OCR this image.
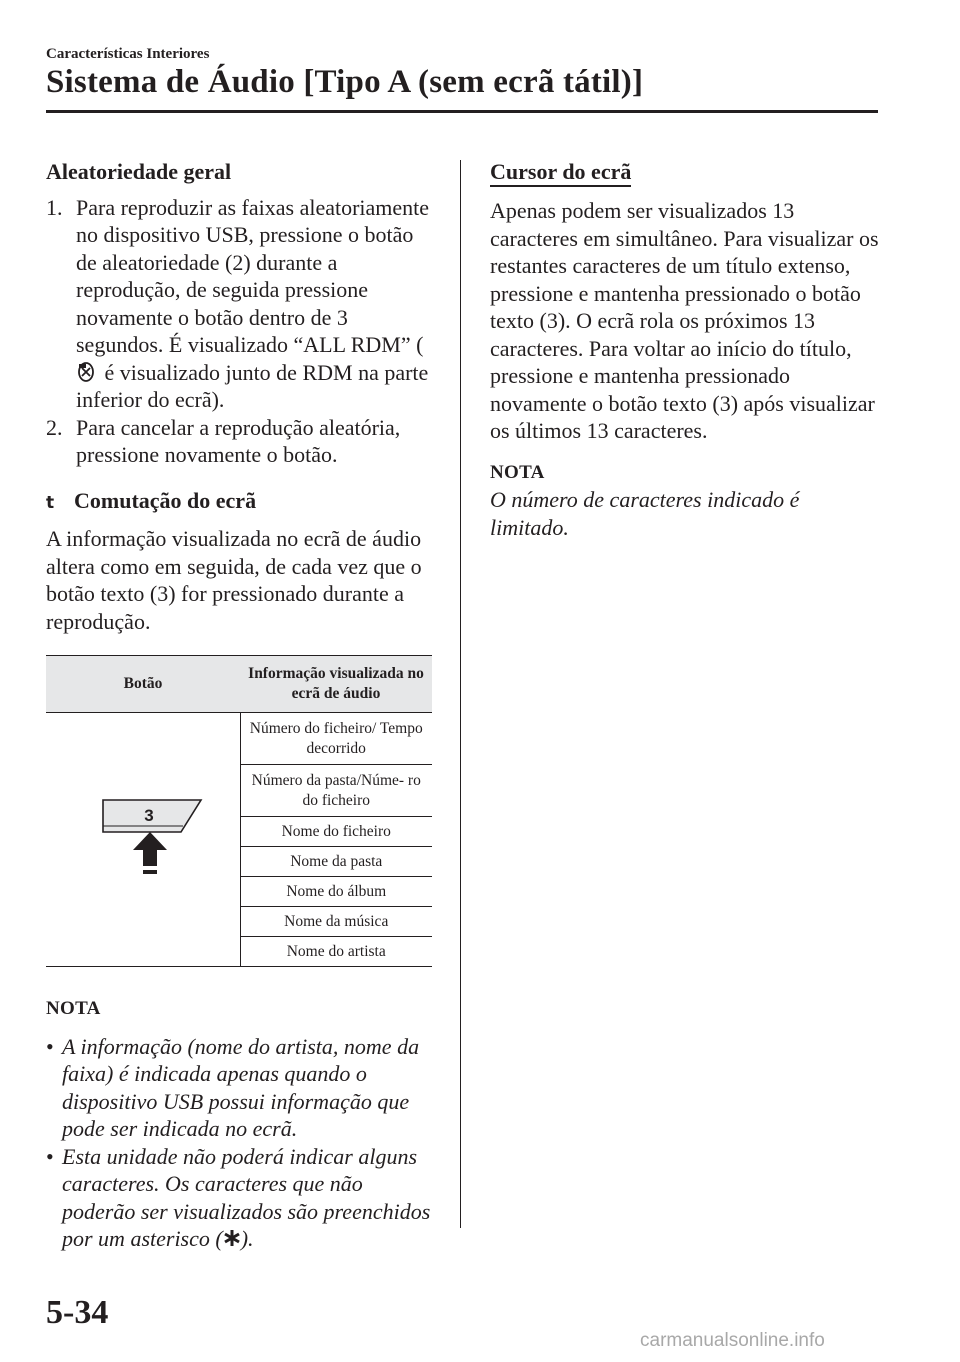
Características Interiores
Sistema de Áudio [Tipo A (sem ecrã tátil)]

Aleatoriedade geral

1. Para reproduzir as faixas aleatoriamente no dispositivo USB, pressione o botão de aleatoriedade (2) durante a reprodução, de seguida pressione novamente o botão dentro de 3 segundos. É visualizado “ALL RDM” ( é visualizado junto de RDM na parte inferior do ecrã).
2. Para cancelar a reprodução aleatória, pressione novamente o botão.
t Comutação do ecrã

A informação visualizada no ecrã de áudio altera como em seguida, de cada vez que o botão texto (3) for pressionado durante a reprodução.

Botão	Informação visualizada no ecrã de áudio

3	Número do ficheiro/ Tempo decorrido
	Número da pasta/Núme- ro do ficheiro
	Nome do ficheiro
	Nome da pasta
	Nome do álbum
	Nome da música
	Nome do artista
NOTA
• A informação (nome do artista, nome da faixa) é indicada apenas quando o dispositivo USB possui informação que pode ser indicada no ecrã.
• Esta unidade não poderá indicar alguns caracteres. Os caracteres que não poderão ser visualizados são preenchidos por um asterisco ( ).
Cursor do ecrã

Apenas podem ser visualizados 13 caracteres em simultâneo. Para visualizar os restantes caracteres de um título extenso, pressione e mantenha pressionado o botão texto (3). O ecrã rola os próximos 13 caracteres. Para voltar ao início do título, pressione e mantenha pressionado novamente o botão texto (3) após visualizar os últimos 13 caracteres.

NOTA

O número de caracteres indicado é limitado.

5-34
carmanualsonline.info
